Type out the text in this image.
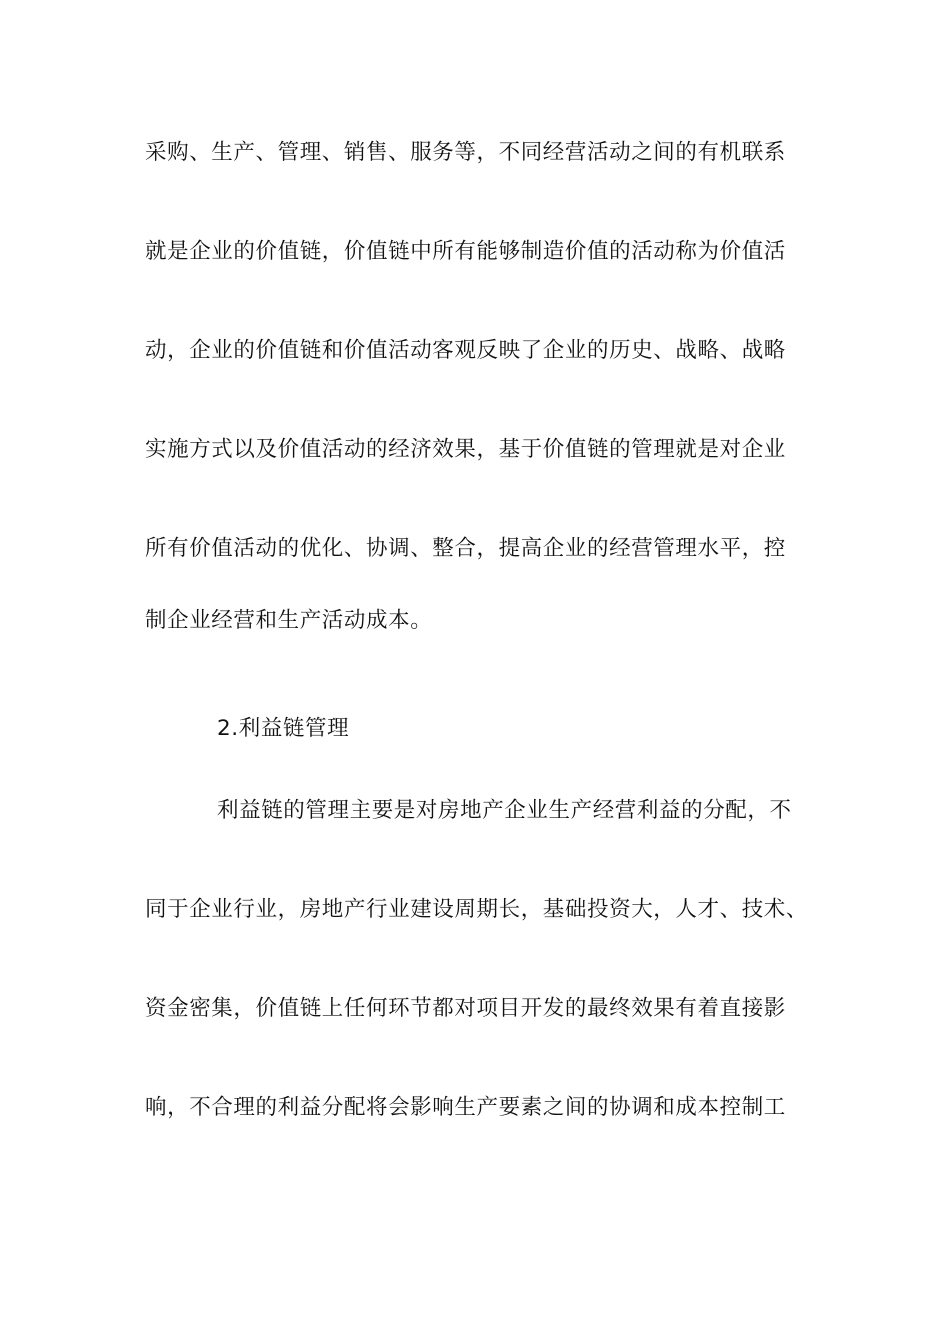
采购、生产、管理、销售、服务等，不同经营活动之间的有机联系
就是企业的价值链，价值链中所有能够制造价值的活动称为价值活
动，企业的价值链和价值活动客观反映了企业的历史、战略、战略
实施方式以及价值活动的经济效果，基于价值链的管理就是对企业
所有价值活动的优化、协调、整合，提高企业的经营管理水平，控
制企业经营和生产活动成本。
2.利益链管理
利益链的管理主要是对房地产企业生产经营利益的分配，不
同于企业行业，房地产行业建设周期长，基础投资大，人才、技术、
资金密集，价值链上任何环节都对项目开发的最终效果有着直接影
响，不合理的利益分配将会影响生产要素之间的协调和成本控制工
